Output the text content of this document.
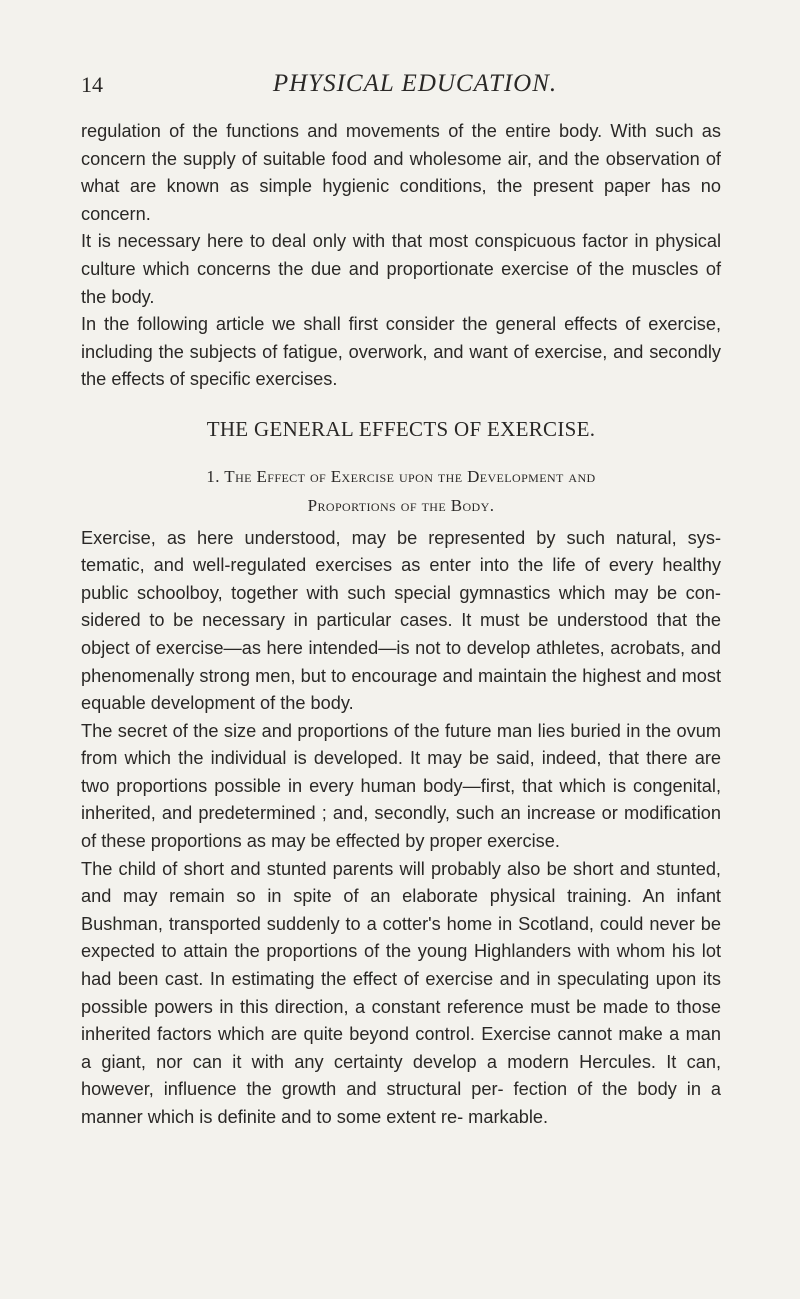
14	PHYSICAL EDUCATION.

regulation of the functions and movements of the entire body. With such as concern the supply of suitable food and wholesome air, and the observation of what are known as simple hygienic conditions, the present paper has no concern.

It is necessary here to deal only with that most conspicuous factor in physical culture which concerns the due and proportionate exercise of the muscles of the body.

In the following article we shall first consider the general effects of exercise, including the subjects of fatigue, overwork, and want of exercise, and secondly the effects of specific exercises.

THE GENERAL EFFECTS OF EXERCISE.
1. The Effect of Exercise upon the Development and
Proportions of the Body.

Exercise, as here understood, may be represented by such natural, sys- tematic, and well-regulated exercises as enter into the life of every healthy public schoolboy, together with such special gymnastics which may be con- sidered to be necessary in particular cases. It must be understood that the object of exercise—as here intended—is not to develop athletes, acrobats, and phenomenally strong men, but to encourage and maintain the highest and most equable development of the body.

The secret of the size and proportions of the future man lies buried in the ovum from which the individual is developed. It may be said, indeed, that there are two proportions possible in every human body—first, that which is congenital, inherited, and predetermined ; and, secondly, such an increase or modification of these proportions as may be effected by proper exercise.

The child of short and stunted parents will probably also be short and stunted, and may remain so in spite of an elaborate physical training. An infant Bushman, transported suddenly to a cotter's home in Scotland, could never be expected to attain the proportions of the young Highlanders with whom his lot had been cast. In estimating the effect of exercise and in speculating upon its possible powers in this direction, a constant reference must be made to those inherited factors which are quite beyond control. Exercise cannot make a man a giant, nor can it with any certainty develop a modern Hercules. It can, however, influence the growth and structural per- fection of the body in a manner which is definite and to some extent re- markable.
